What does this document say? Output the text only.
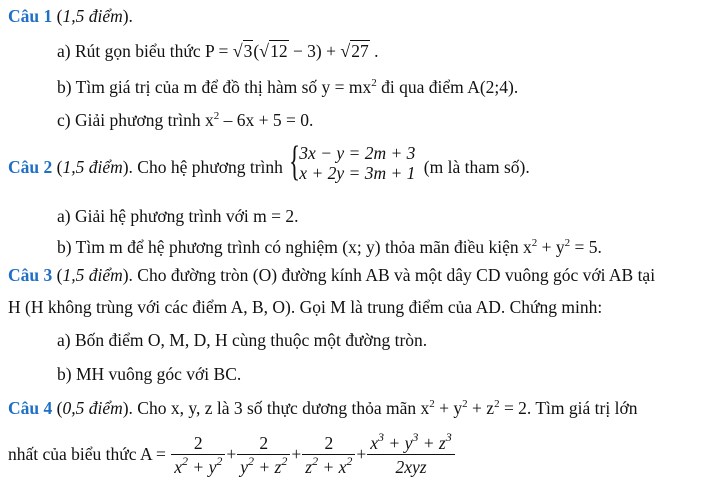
Câu 1 (1,5 điểm).
a) Rút gọn biểu thức P = √3(√12 − 3) + √27 .
b) Tìm giá trị của m để đồ thị hàm số $y = mx^2$ đi qua điểm A(2;4).
c) Giải phương trình $x^2 - 6x + 5 = 0$.
Câu 2 (1,5 điểm). Cho hệ phương trình {
3x − y = 2m + 3
x + 2y = 3m + 1 (m là tham số).
a) Giải hệ phương trình với m = 2.
b) Tìm m để hệ phương trình có nghiệm (x; y) thỏa mãn điều kiện $x^2 + y^2 = 5$.
Câu 3 (1,5 điểm). Cho đường tròn (O) đường kính AB và một dây CD vuông góc với AB tại
H (H không trùng với các điểm A, B, O). Gọi M là trung điểm của AD. Chứng minh:
a) Bốn điểm O, M, D, H cùng thuộc một đường tròn.
b) MH vuông góc với BC.
Câu 4 (0,5 điểm). Cho x, y, z là 3 số thực dương thỏa mãn $x^2 + y^2 + z^2 = 2$. Tìm giá trị lớn
nhất của biểu thức $A = \frac{2}{x^2 + y^2} + \frac{2}{y^2 + z^2} + \frac{2}{z^2 + x^2} + \frac{x^3 + y^3 + z^3}{\text{2xyz}}$
